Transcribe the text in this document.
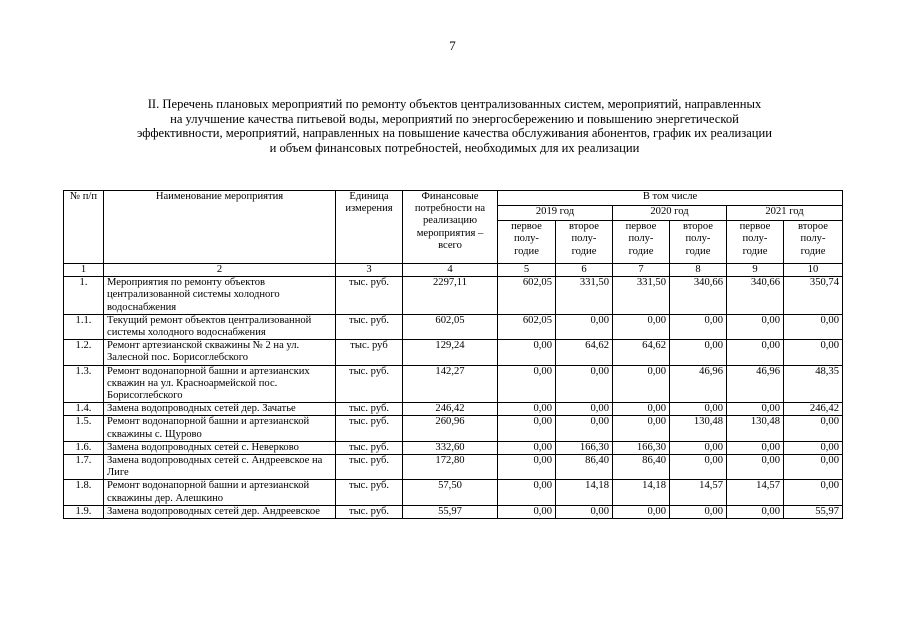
7
II. Перечень плановых мероприятий по ремонту объектов централизованных систем, мероприятий, направленных
на улучшение качества питьевой воды, мероприятий по энергосбережению и повышению энергетической
эффективности, мероприятий, направленных на повышение качества обслуживания абонентов, график их реализации
и объем финансовых потребностей, необходимых для их реализации
№ п/п	Наименование мероприятия	Единица измерения	Финансовые потребности на реализацию мероприятия – всего	В том числе					
				2019 год		2020 год		2021 год	
				первое полу- годие	второе полу- годие	первое полу- годие	второе полу- годие	первое полу- годие	второе полу- годие
1	2	3	4	5	6	7	8	9	10
1.	Мероприятия по ремонту объектов централизованной системы холодного водоснабжения	тыс. руб.	2297,11	602,05	331,50	331,50	340,66	340,66	350,74
1.1.	Текущий ремонт объектов централизованной системы холодного водоснабжения	тыс. руб.	602,05	602,05	0,00	0,00	0,00	0,00	0,00
1.2.	Ремонт артезианской скважины № 2 на ул. Залесной пос. Борисоглебского	тыс. руб	129,24	0,00	64,62	64,62	0,00	0,00	0,00
1.3.	Ремонт водонапорной башни и артезианских скважин на ул. Красноармейской пос. Борисоглебского	тыс. руб.	142,27	0,00	0,00	0,00	46,96	46,96	48,35
1.4.	Замена водопроводных сетей дер. Зачатье	тыс. руб.	246,42	0,00	0,00	0,00	0,00	0,00	246,42
1.5.	Ремонт водонапорной башни и артезианской скважины с. Щурово	тыс. руб.	260,96	0,00	0,00	0,00	130,48	130,48	0,00
1.6.	Замена водопроводных сетей с. Неверково	тыс. руб.	332,60	0,00	166,30	166,30	0,00	0,00	0,00
1.7.	Замена водопроводных сетей с. Андреевское на Лиге	тыс. руб.	172,80	0,00	86,40	86,40	0,00	0,00	0,00
1.8.	Ремонт водонапорной башни и артезианской скважины дер. Алешкино	тыс. руб.	57,50	0,00	14,18	14,18	14,57	14,57	0,00
1.9.	Замена водопроводных сетей дер. Андреевское	тыс. руб.	55,97	0,00	0,00	0,00	0,00	0,00	55,97
